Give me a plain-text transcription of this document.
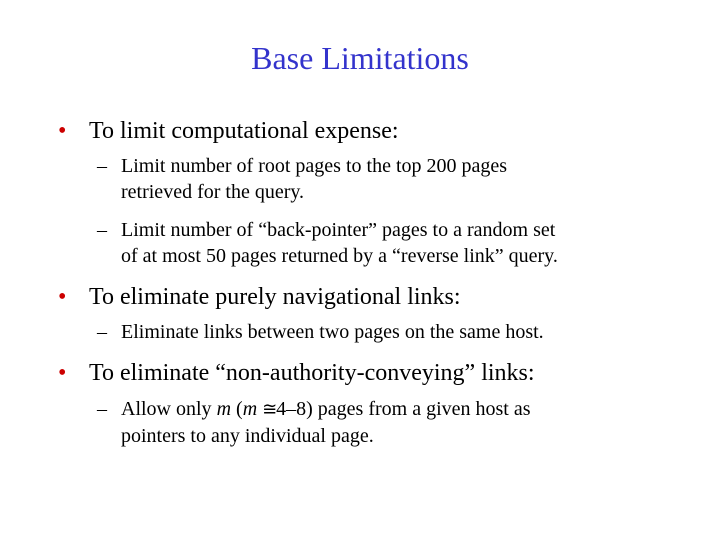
Base Limitations
• To limit computational expense:
– Limit number of root pages to the top 200 pages
retrieved for the query.
– Limit number of “back-pointer” pages to a random set
of at most 50 pages returned by a “reverse link” query.
• To eliminate purely navigational links:
– Eliminate links between two pages on the same host.
• To eliminate “non-authority-conveying” links:
– Allow only m (m ≅4–8) pages from a given host as
pointers to any individual page.
